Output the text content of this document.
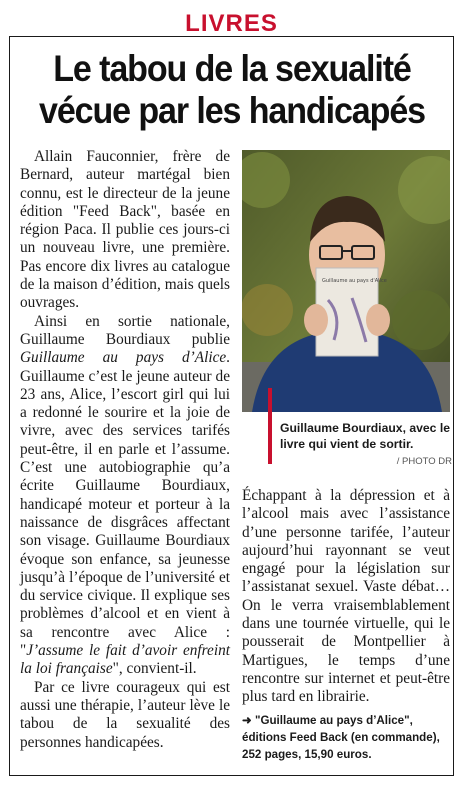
LIVRES
Le tabou de la sexualité
vécue par les handicapés

Allain Fauconnier, frère de Bernard, auteur martégal bien connu, est le directeur de la jeune édition "Feed Back", basée en région Paca. Il publie ces jours-ci un nouveau livre, une première. Pas encore dix livres au catalogue de la maison d’édition, mais quels ouvrages.

Ainsi en sortie nationale, Guillaume Bourdiaux publie Guillaume au pays d’Alice. Guillaume c’est le jeune auteur de 23 ans, Alice, l’escort girl qui lui a redonné le sourire et la joie de vivre, avec des services tarifés peut-être, il en parle et l’assume. C’est une autobiographie qu’a écrite Guillaume Bourdiaux, handicapé moteur et porteur à la naissance de disgrâces affectant son visage. Guillaume Bourdiaux évoque son enfance, sa jeunesse jusqu’à l’époque de l’université et du service civique. Il explique ses problèmes d’alcool et en vient à sa rencontre avec Alice : "J’assume le fait d’avoir enfreint la loi française", convient-il.

Par ce livre courageux qui est aussi une thérapie, l’auteur lève le tabou de la sexualité des personnes handicapées.

Guillaume au pays d'Alice
Guillaume Bourdiaux, avec le livre qui vient de sortir.
/ PHOTO DR

Échappant à la dépression et à l’alcool mais avec l’assistance d’une personne tarifée, l’auteur aujourd’hui rayonnant se veut engagé pour la législation sur l’assistanat sexuel. Vaste débat… On le verra vraisemblablement dans une tournée virtuelle, qui le pousserait de Montpellier à Martigues, le temps d’une rencontre sur internet et peut-être plus tard en librairie.

➜ "Guillaume au pays d’Alice", éditions Feed Back (en commande), 252 pages, 15,90 euros.
